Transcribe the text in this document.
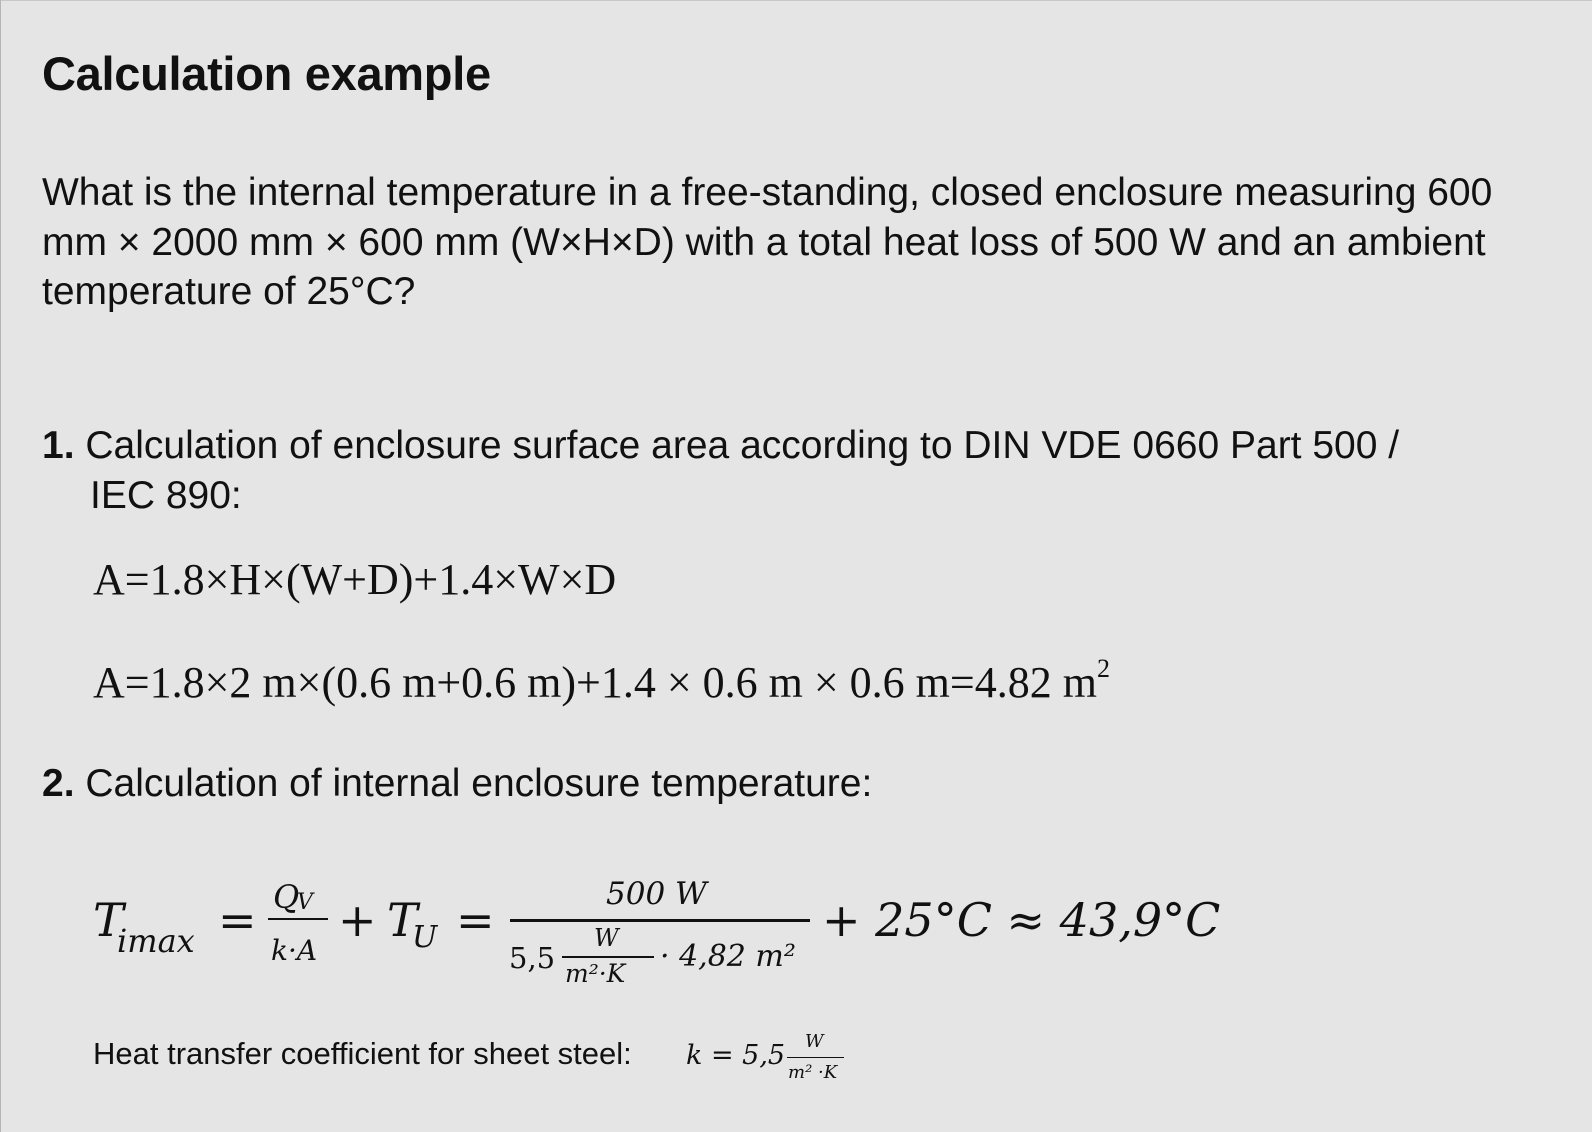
Calculation example
What is the internal temperature in a free-standing, closed enclosure measuring 600 mm × 2000 mm × 600 mm (W×H×D) with a total heat loss of 500 W and an ambient temperature of 25°C?
1. Calculation of enclosure surface area according to DIN VDE 0660 Part 500 /
IEC 890:
A=1.8×H×(W+D)+1.4×W×D
A=1.8×2 m×(0.6 m+0.6 m)+1.4 × 0.6 m × 0.6 m=4.82 $m^2$
2. Calculation of internal enclosure temperature:
T
imax = Q
V
k·A
+ T
U =	500 W
5,5
W
m²·K · 4,82 m²
+ 25°C ≈ 43,9°C
Heat transfer coefficient for sheet steel: k = 5,5 W
m² ·K
